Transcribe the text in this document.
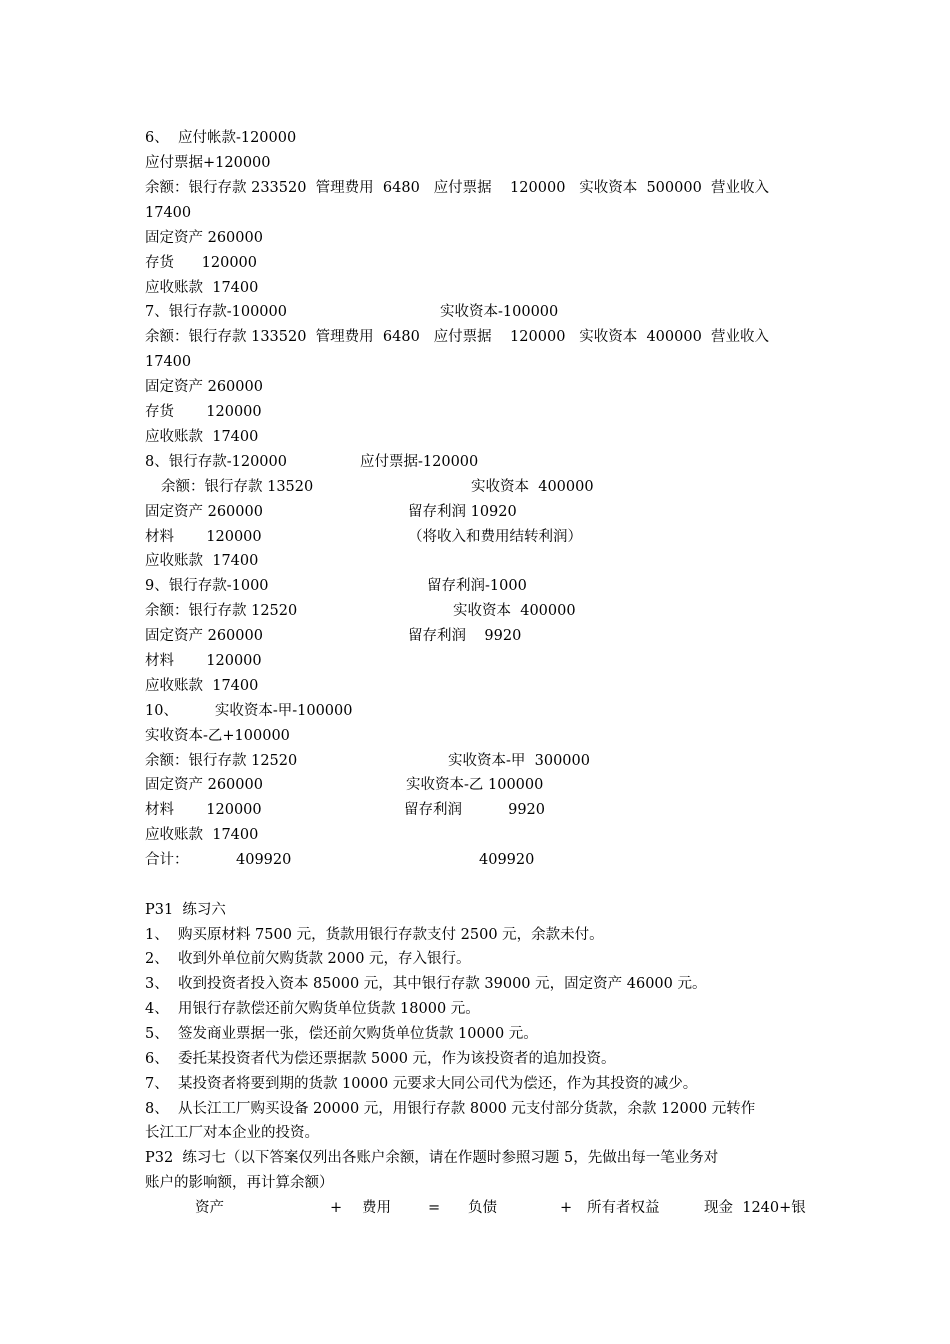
6、  应付帐款-120000
应付票据+120000
余额：银行存款 233520  管理费用  6480   应付票据    120000   实收资本  500000  营业收入
17400
固定资产 260000
存货      120000
应收账款  17400
7、银行存款-100000	实收资本-100000
余额：银行存款 133520  管理费用  6480   应付票据    120000   实收资本  400000  营业收入
17400
固定资产 260000
存货       120000
应收账款  17400
8、银行存款-120000	应付票据-120000
余额：银行存款 13520	实收资本  400000
固定资产 260000	留存利润 10920
材料       120000	（将收入和费用结转利润）
应收账款  17400
9、银行存款-1000	留存利润-1000
余额：银行存款 12520	实收资本  400000
固定资产 260000	留存利润    9920
材料       120000
应收账款  17400
10、        实收资本-甲-100000
实收资本-乙+100000
余额：银行存款 12520	实收资本-甲  300000
固定资产 260000	实收资本-乙 100000
材料       120000	留存利润          9920
应收账款  17400
合计：	409920	409920
P31  练习六
1、  购买原材料 7500 元，货款用银行存款支付 2500 元，余款未付。
2、  收到外单位前欠购货款 2000 元，存入银行。
3、  收到投资者投入资本 85000 元，其中银行存款 39000 元，固定资产 46000 元。
4、  用银行存款偿还前欠购货单位货款 18000 元。
5、  签发商业票据一张，偿还前欠购货单位货款 10000 元。
6、  委托某投资者代为偿还票据款 5000 元，作为该投资者的追加投资。
7、  某投资者将要到期的货款 10000 元要求大同公司代为偿还，作为其投资的减少。
8、  从长江工厂购买设备 20000 元，用银行存款 8000 元支付部分货款，余款 12000 元转作
长江工厂对本企业的投资。
P32  练习七（以下答案仅列出各账户余额，请在作题时参照习题 5，先做出每一笔业务对
账户的影响额，再计算余额）
资产	+ 费用	= 负债	+ 所有者权益	现金  1240+银
